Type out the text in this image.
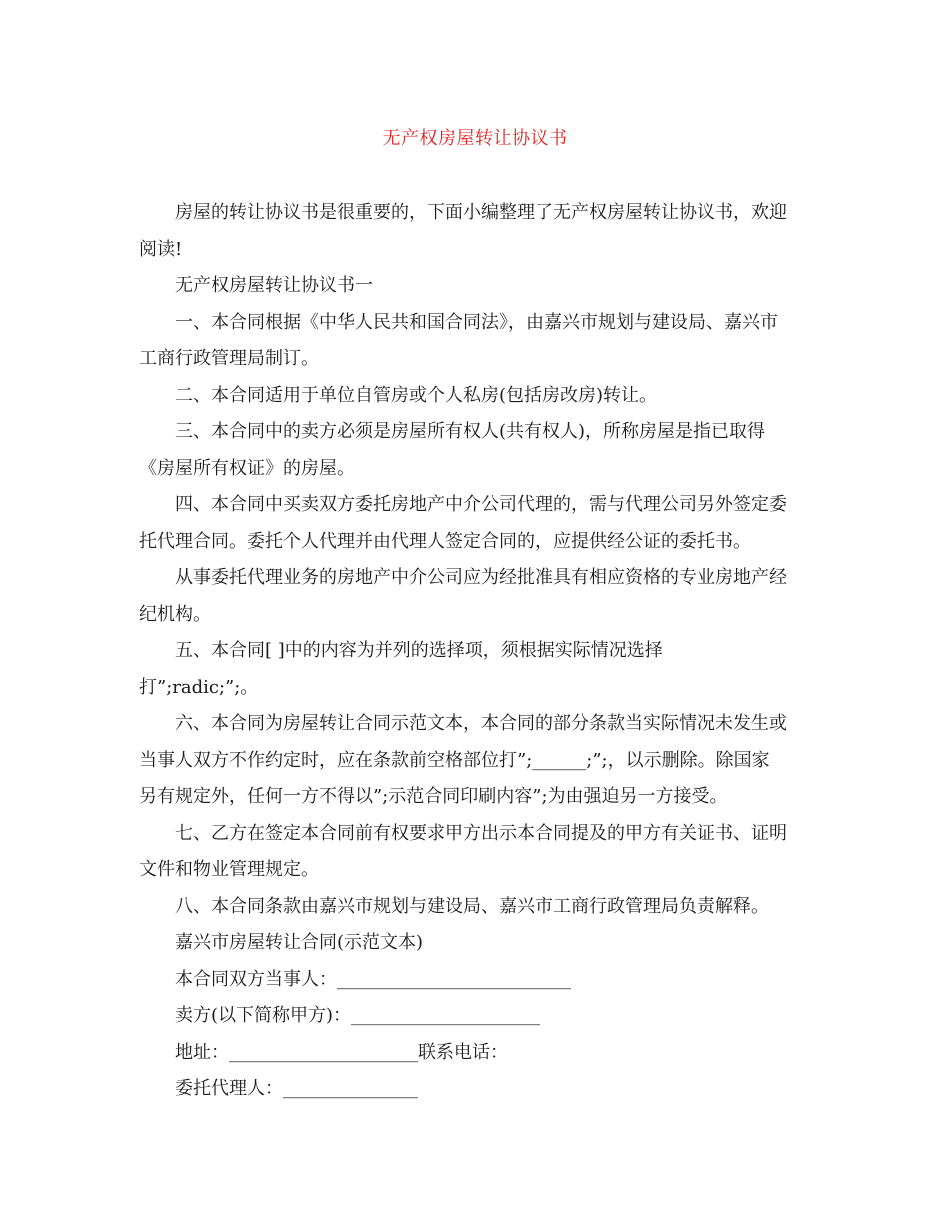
无产权房屋转让协议书
房屋的转让协议书是很重要的，下面小编整理了无产权房屋转让协议书，欢迎
阅读!
无产权房屋转让协议书一
一、本合同根据《中华人民共和国合同法》，由嘉兴市规划与建设局、嘉兴市
工商行政管理局制订。
二、本合同适用于单位自管房或个人私房(包括房改房)转让。
三、本合同中的卖方必须是房屋所有权人(共有权人)，所称房屋是指已取得
《房屋所有权证》的房屋。
四、本合同中买卖双方委托房地产中介公司代理的，需与代理公司另外签定委
托代理合同。委托个人代理并由代理人签定合同的，应提供经公证的委托书。
从事委托代理业务的房地产中介公司应为经批准具有相应资格的专业房地产经
纪机构。
五、本合同[ ]中的内容为并列的选择项，须根据实际情况选择
打”;radic;”;。
六、本合同为房屋转让合同示范文本，本合同的部分条款当实际情况未发生或
当事人双方不作约定时，应在条款前空格部位打”;______;”;，以示删除。除国家
另有规定外，任何一方不得以”;示范合同印刷内容”;为由强迫另一方接受。
七、乙方在签定本合同前有权要求甲方出示本合同提及的甲方有关证书、证明
文件和物业管理规定。
八、本合同条款由嘉兴市规划与建设局、嘉兴市工商行政管理局负责解释。
嘉兴市房屋转让合同(示范文本)
本合同双方当事人：__________________________
卖方(以下简称甲方)：_____________________
地址：_____________________联系电话：
委托代理人：_______________
